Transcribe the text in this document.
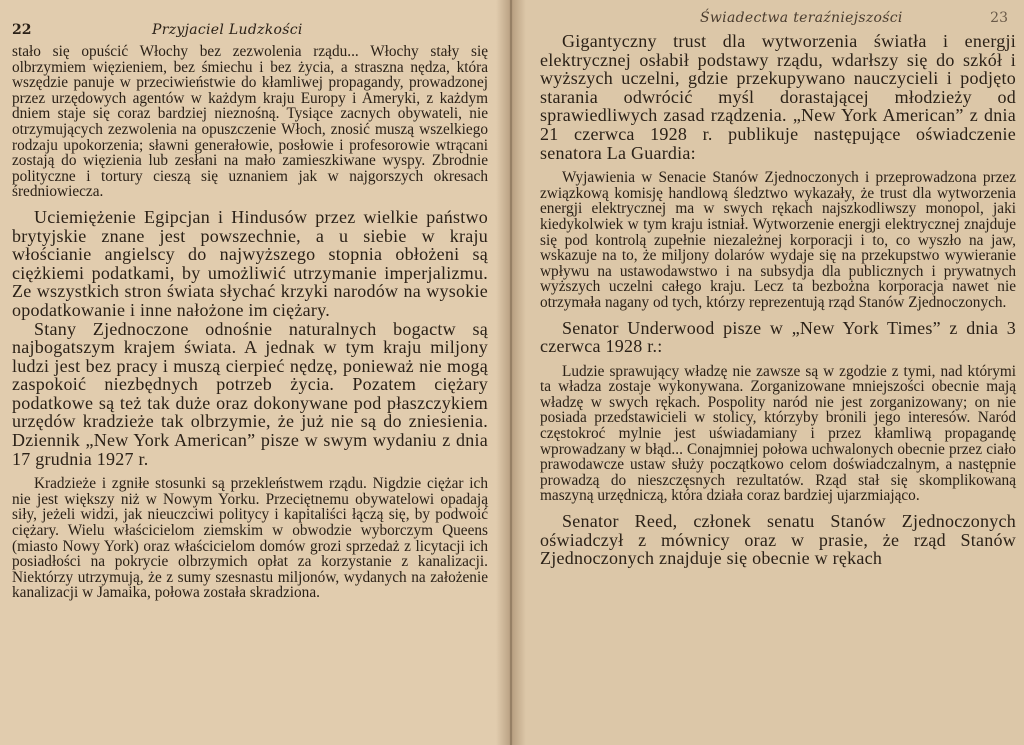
22	Przyjaciel Ludzkości

stało się opuścić Włochy bez zezwolenia rządu... Włochy stały się olbrzymiem więzieniem, bez śmiechu i bez życia, a straszna nędza, która wszędzie panuje w przeciwieństwie do kłamliwej propagandy, prowadzonej przez urzędowych agentów w każdym kraju Europy i Ameryki, z każdym dniem staje się coraz bardziej nieznośną. Tysiące zacnych obywateli, nie otrzymujących zezwolenia na opuszczenie Włoch, znosić muszą wszelkiego rodzaju upokorzenia; sławni generałowie, posłowie i profesorowie wtrącani zostają do więzienia lub zesłani na mało zamieszkiwane wyspy. Zbrodnie polityczne i tortury cieszą się uznaniem jak w najgorszych okresach średniowiecza.

Uciemiężenie Egipcjan i Hindusów przez wielkie państwo brytyjskie znane jest powszechnie, a u siebie w kraju włościanie angielscy do najwyższego stopnia obłożeni są ciężkiemi podatkami, by umożliwić utrzymanie imperjalizmu. Ze wszystkich stron świata słychać krzyki narodów na wysokie opodatkowanie i inne nałożone im ciężary.

Stany Zjednoczone odnośnie naturalnych bogactw są najbogatszym krajem świata. A jednak w tym kraju miljony ludzi jest bez pracy i muszą cierpieć nędzę, ponieważ nie mogą zaspokoić niezbędnych potrzeb życia. Pozatem ciężary podatkowe są też tak duże oraz dokonywane pod płaszczykiem urzędów kradzieże tak olbrzymie, że już nie są do zniesienia. Dziennik „New York American” pisze w swym wydaniu z dnia 17 grudnia 1927 r.

Kradzieże i zgniłe stosunki są przekleństwem rządu. Nigdzie ciężar ich nie jest większy niż w Nowym Yorku. Przeciętnemu obywatelowi opadają siły, jeżeli widzi, jak nieuczciwi politycy i kapitaliści łączą się, by podwoić ciężary. Wielu właścicielom ziemskim w obwodzie wyborczym Queens (miasto Nowy York) oraz właścicielom domów grozi sprzedaż z licytacji ich posiadłości na pokrycie olbrzymich opłat za korzystanie z kanalizacji. Niektórzy utrzymują, że z sumy szesnastu miljonów, wydanych na założenie kanalizacji w Jamaika, połowa została skradziona.

Świadectwa teraźniejszości	23

Gigantyczny trust dla wytworzenia światła i energji elektrycznej osłabił podstawy rządu, wdarłszy się do szkół i wyższych uczelni, gdzie przekupywano nauczycieli i podjęto starania odwrócić myśl dorastającej młodzieży od sprawiedliwych zasad rządzenia. „New York American” z dnia 21 czerwca 1928 r. publikuje następujące oświadczenie senatora La Guardia:

Wyjawienia w Senacie Stanów Zjednoczonych i przeprowadzona przez związkową komisję handlową śledztwo wykazały, że trust dla wytworzenia energji elektrycznej ma w swych rękach najszkodliwszy monopol, jaki kiedykolwiek w tym kraju istniał. Wytworzenie energji elektrycznej znajduje się pod kontrolą zupełnie niezależnej korporacji i to, co wyszło na jaw, wskazuje na to, że miljony dolarów wydaje się na przekupstwo wywieranie wpływu na ustawodawstwo i na subsydja dla publicznych i prywatnych wyższych uczelni całego kraju. Lecz ta bezbożna korporacja nawet nie otrzymała nagany od tych, którzy reprezentują rząd Stanów Zjednoczonych.

Senator Underwood pisze w „New York Times” z dnia 3 czerwca 1928 r.:

Ludzie sprawujący władzę nie zawsze są w zgodzie z tymi, nad którymi ta władza zostaje wykonywana. Zorganizowane mniejszości obecnie mają władzę w swych rękach. Pospolity naród nie jest zorganizowany; on nie posiada przedstawicieli w stolicy, którzyby bronili jego interesów. Naród częstokroć mylnie jest uświadamiany i przez kłamliwą propagandę wprowadzany w błąd... Conajmniej połowa uchwalonych obecnie przez ciało prawodawcze ustaw służy początkowo celom doświadczalnym, a następnie prowadzą do nieszczęsnych rezultatów. Rząd stał się skomplikowaną maszyną urzędniczą, która działa coraz bardziej ujarzmiająco.

Senator Reed, członek senatu Stanów Zjednoczonych oświadczył z mównicy oraz w prasie, że rząd Stanów Zjednoczonych znajduje się obecnie w rękach
